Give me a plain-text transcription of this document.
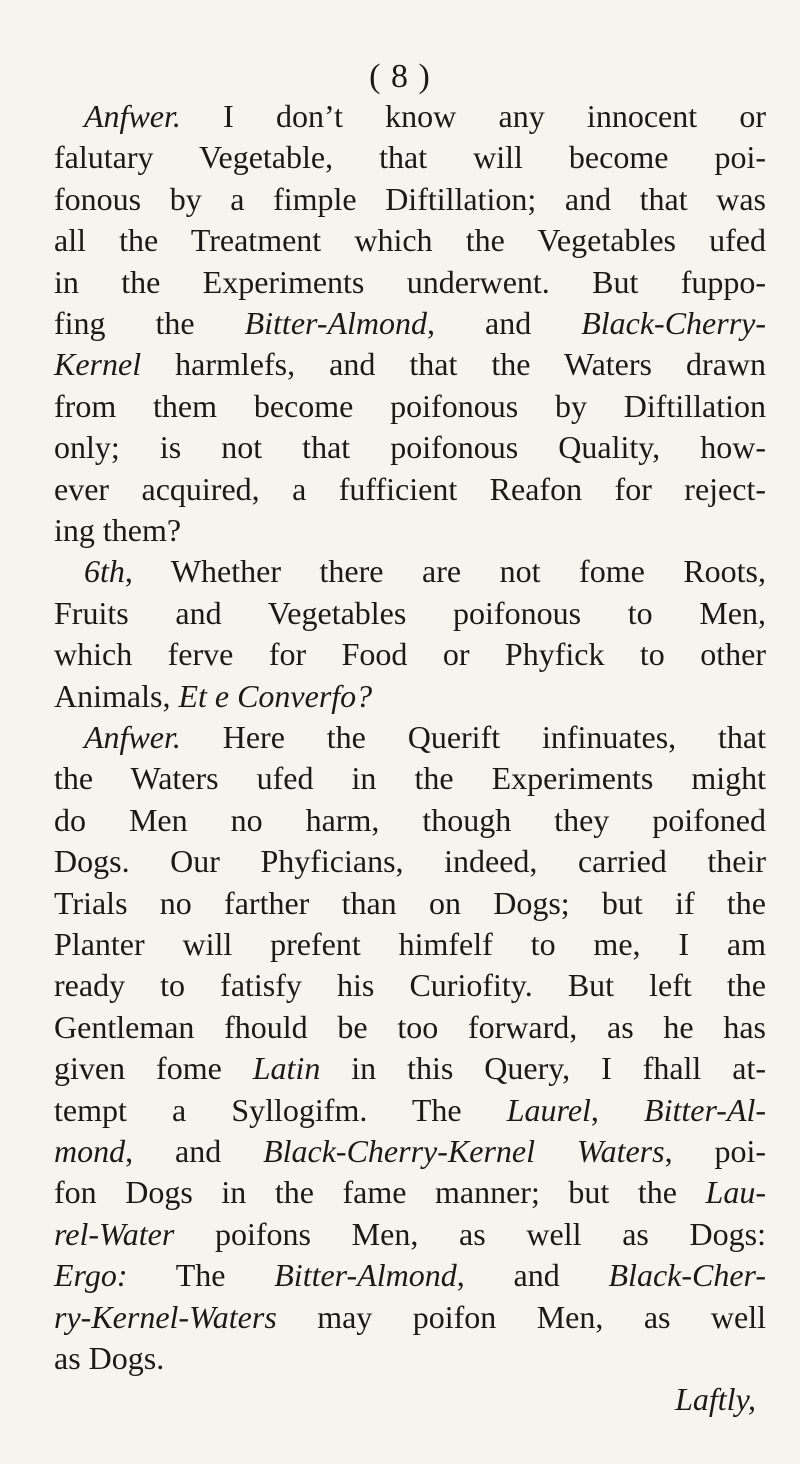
( 8 )
Anfwer. I don’t know any innocent or
falutary Vegetable, that will become poi-
fonous by a fimple Diftillation; and that was
all the Treatment which the Vegetables ufed
in the Experiments underwent. But fuppo-
fing the Bitter-Almond, and Black-Cherry-
Kernel harmlefs, and that the Waters drawn
from them become poifonous by Diftillation
only; is not that poifonous Quality, how-
ever acquired, a fufficient Reafon for reject-
ing them?
6th, Whether there are not fome Roots,
Fruits and Vegetables poifonous to Men,
which ferve for Food or Phyfick to other
Animals, Et e Converfo?
Anfwer. Here the Querift infinuates, that
the Waters ufed in the Experiments might
do Men no harm, though they poifoned
Dogs. Our Phyficians, indeed, carried their
Trials no farther than on Dogs; but if the
Planter will prefent himfelf to me, I am
ready to fatisfy his Curiofity. But left the
Gentleman fhould be too forward, as he has
given fome Latin in this Query, I fhall at-
tempt a Syllogifm. The Laurel, Bitter-Al-
mond, and Black-Cherry-Kernel Waters, poi-
fon Dogs in the fame manner; but the Lau-
rel-Water poifons Men, as well as Dogs:
Ergo: The Bitter-Almond, and Black-Cher-
ry-Kernel-Waters may poifon Men, as well
as Dogs.
Laftly,
